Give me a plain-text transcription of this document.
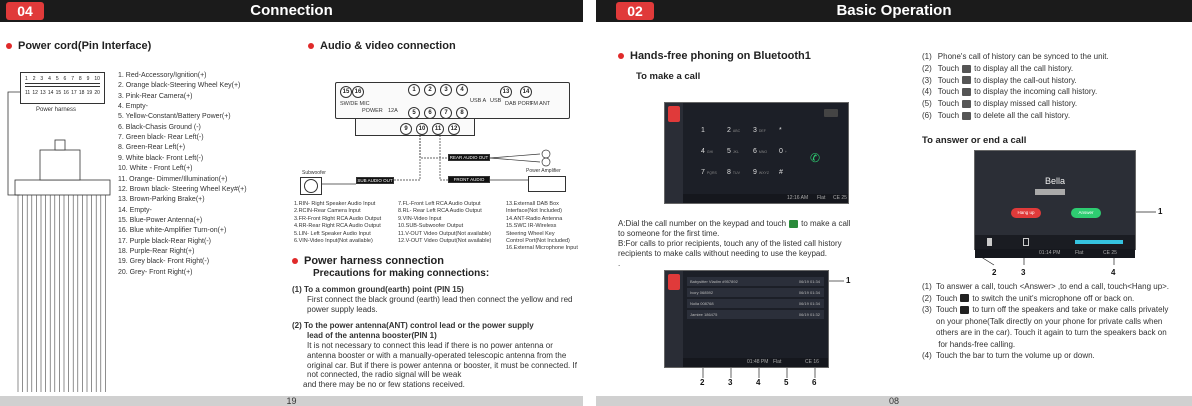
04	Connection
Power cord(Pin Interface)
1 2 3 4 5 6 7 8 9 10
11 12 13 14 15 16 17 18 19 20
Power harness
1. Red-Accessory/Ignition(+)
2. Orange black-Steering Wheel Key(+)
3. Pink-Rear Camera(+)
4. Empty-
5. Yellow-Constant/Battery Power(+)
6. Black-Chasis Ground (-)
7. Green black- Rear Left(-)
8. Green-Rear Left(+)
9. White black- Front Left(-)
10. White - Front Left(+)
11. Orange- Dimmer/Illumination(+)
12. Brown black- Steering Wheel Key#(+)
13. Brown-Parking Brake(+)
14. Empty-
15. Blue-Power Antenna(+)
16. Blue white-Amplifier Turn-on(+)
17. Purple black-Rear Right(-)
18. Purple-Rear Right(+)
19. Grey black- Front Right(-)
20. Grey- Front Right(+)
Audio & video connection
SW/DE MIC
POWER 12A
USB A USB DAB PORT
FM ANT
15 16	1	2	3	4	13	14
5	6	7	8
9	10	11	12
REAR AUDIO OUT
FRONT AUDIO OUT
SUB AUDIO OUT
Subwoofer	Power Amplifier
1.RIN- Right Speaker Audio Input
2.RCIN-Rear Camera Input
3.FR-Front Right RCA Audio Output
4.RR-Rear Right RCA Audio Output
5.LIN- Left Speaker Audio Input
6.VIN-Video Input(Not available)
7.FL-Front Left RCA Audio Output
8.RL- Rear Left RCA Audio Output
9.VIN-Video Input
10.SUB-Subwoofer Output
11.V-OUT Video Output(Not available)
12.V-OUT Video Output(Not available)
13.Externall DAB Box
Interface(Not Included)
14.ANT-Radio Antenna
15.SWC IR-Wireless
Steering Wheel Key
Control Port(Not Included)
16.External Microphone Input
Power harness connection
Precautions for making connections:
(1) To a common ground(earth) point (PIN 15)
First connect the black ground (earth) lead then connect the yellow and red power supply leads.
(2) To the power antenna(ANT) control lead or the power supply
lead of the antenna booster(PIN 1)
It is not necessary to connect this lead if there is no power antenna or antenna booster or with a manually-operated telescopic antenna from the original car. But if there is power antenna or booster, it must be connected. If not connected, the radio signal will be weak
and there may be no or few stations received.
19
02	Basic Operation
Hands-free phoning on Bluetooth1
To make a call
1	2 ABC 3 DEF *
4 GHI 5 JKL 6 MNO 0 +
7 PQRS 8 TUV 9 WXYZ #
✆
12:16 AM Flat CE 25
A:Dial the call number on the keypad and touch to make a call
to someone for the first time.
B:For calls to prior recipients, touch any of the listed call history
recipients to make calls without needing to use the keypad.
.
Babysitter Vladim #957892	06/19 01:34
Ivory 068592	06/19 01:34
Nolia 008768	06/19 01:34
Jamiee 186475	06/19 01:32
01:48 PM Flat	CE 16
1
2	3	4	5	6
(1) Phone's call of history can be synced to the unit.
(2) Touch to display all the call history.
(3) Touch to display the call-out history.
(4) Touch to display the incoming call history.
(5) Touch to display missed call history.
(6) Touch to delete all the call history.
To answer or end a call
Bella
Hang up	Answer
01:14 PM	Flat	CE 25
1
2	3	4
(1) To answer a call, touch <Answer> ,to end a call, touch<Hang up>.
(2) Touch to switch the unit's microphone off or back on.
(3) Touch to turn off the speakers and take or make calls privately
on your phone(Talk directly on your phone for private calls when
others are in the car). Touch it again to turn the speakers back on
for hands-free calling.
(4) Touch the bar to turn the volume up or down.
08
